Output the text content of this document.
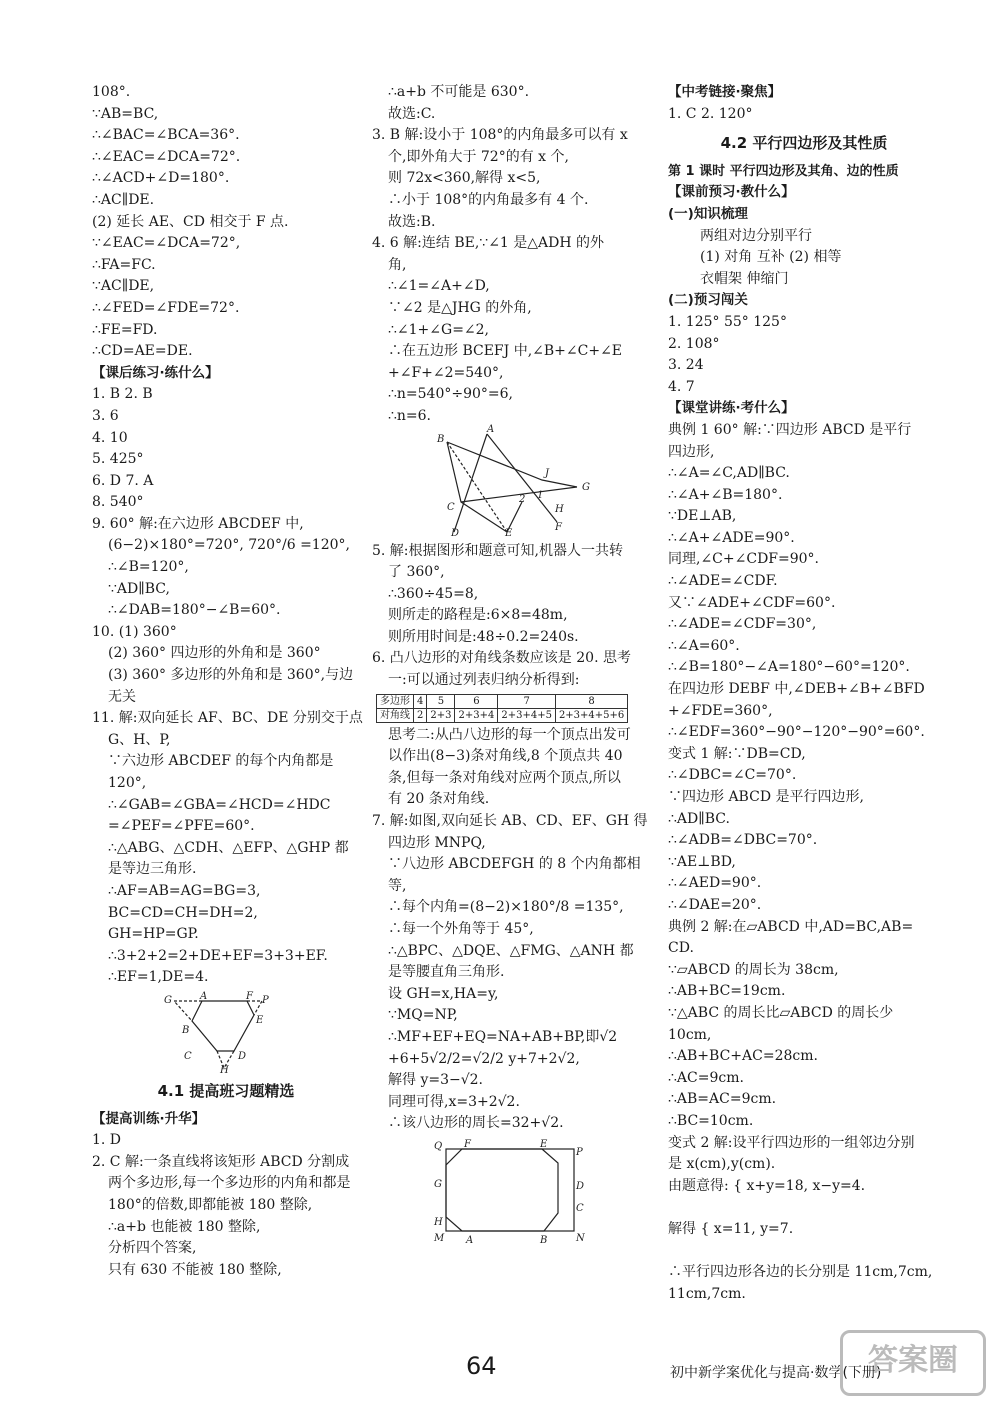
108°.
∵AB=BC,
∴∠BAC=∠BCA=36°.
∴∠EAC=∠DCA=72°.
∴∠ACD+∠D=180°.
∴AC∥DE.
(2) 延长 AE、CD 相交于 F 点.
∵∠EAC=∠DCA=72°,
∴FA=FC.
∵AC∥DE,
∴∠FED=∠FDE=72°.
∴FE=FD.
∴CD=AE=DE.
【课后练习·练什么】
1. B 2. B
3. 6
4. 10
5. 425°
6. D 7. A
8. 540°
9. 60° 解:在六边形 ABCDEF 中,
(6−2)×180°=720°, 720°/6 =120°,
∴∠B=120°,
∵AD∥BC,
∴∠DAB=180°−∠B=60°.
10. (1) 360°
(2) 360° 四边形的外角和是 360°
(3) 360° 多边形的外角和是 360°,与边
无关
11. 解:双向延长 AF、BC、DE 分别交于点
G、H、P,
∵六边形 ABCDEF 的每个内角都是
120°,
∴∠GAB=∠GBA=∠HCD=∠HDC
=∠PEF=∠PFE=60°.
∴△ABG、△CDH、△EFP、△GHP 都
是等边三角形.
∴AF=AB=AG=BG=3,
BC=CD=CH=DH=2,
GH=HP=GP.
∴3+2+2=2+DE+EF=3+3+EF.
∴EF=1,DE=4.
G	A	F P
B
E
C	D
H
4.1 提高班习题精选
【提高训练·升华】
1. D
2. C 解:一条直线将该矩形 ABCD 分割成
两个多边形,每一个多边形的内角和都是
180°的倍数,即都能被 180 整除,
∴a+b 也能被 180 整除,
分析四个答案,
只有 630 不能被 180 整除,
∴a+b 不可能是 630°.
故选:C.
3. B 解:设小于 108°的内角最多可以有 x
个,即外角大于 72°的有 x 个,
则 72x<360,解得 x<5,
∴小于 108°的内角最多有 4 个.
故选:B.
4. 6 解:连结 BE,∵∠1 是△ADH 的外
角,
∴∠1=∠A+∠D,
∵∠2 是△JHG 的外角,
∴∠1+∠G=∠2,
∴在五边形 BCEFJ 中,∠B+∠C+∠E
+∠F+∠2=540°,
∴n=540°÷90°=6,
∴n=6.
A
B
J
C
2 1
G
H
F
D	E
5. 解:根据图形和题意可知,机器人一共转
了 360°,
∴360÷45=8,
则所走的路程是:6×8=48m,
则所用时间是:48÷0.2=240s.
6. 凸八边形的对角线条数应该是 20. 思考
一:可以通过列表归纳分析得到:
多边形	4	5	6	7	8
对角线	2	2+3	2+3+4	2+3+4+5	2+3+4+5+6
思考二:从凸八边形的每一个顶点出发可
以作出(8−3)条对角线,8 个顶点共 40
条,但每一条对角线对应两个顶点,所以
有 20 条对角线.
7. 解:如图,双向延长 AB、CD、EF、GH 得
四边形 MNPQ,
∵八边形 ABCDEFGH 的 8 个内角都相
等,
∴每个内角=(8−2)×180°/8 =135°,
∴每一个外角等于 45°,
∴△BPC、△DQE、△FMG、△ANH 都
是等腰直角三角形.
设 GH=x,HA=y,
∵MQ=NP,
∴MF+EF+EQ=NA+AB+BP,即√2
+6+5√2/2=√2/2 y+7+2√2,
解得 y=3−√2.
同理可得,x=3+2√2.
∴该八边形的周长=32+√2.
Q F	E
P
G	D
C
H
M A	B	N
【中考链接·聚焦】
1. C 2. 120°
4.2 平行四边形及其性质
第 1 课时 平行四边形及其角、边的性质
【课前预习·教什么】
(一)知识梳理
两组对边分别平行
(1) 对角 互补 (2) 相等
衣帽架 伸缩门
(二)预习闯关
1. 125° 55° 125°
2. 108°
3. 24
4. 7
【课堂讲练·考什么】
典例 1 60° 解:∵四边形 ABCD 是平行
四边形,
∴∠A=∠C,AD∥BC.
∴∠A+∠B=180°.
∵DE⊥AB,
∴∠A+∠ADE=90°.
同理,∠C+∠CDF=90°.
∴∠ADE=∠CDF.
又∵∠ADE+∠CDF=60°.
∴∠ADE=∠CDF=30°,
∴∠A=60°.
∴∠B=180°−∠A=180°−60°=120°.
在四边形 DEBF 中,∠DEB+∠B+∠BFD
+∠FDE=360°,
∴∠EDF=360°−90°−120°−90°=60°.
变式 1 解:∵DB=CD,
∴∠DBC=∠C=70°.
∵四边形 ABCD 是平行四边形,
∴AD∥BC.
∴∠ADB=∠DBC=70°.
∵AE⊥BD,
∴∠AED=90°.
∴∠DAE=20°.
典例 2 解:在▱ABCD 中,AD=BC,AB=
CD.
∵▱ABCD 的周长为 38cm,
∴AB+BC=19cm.
∵△ABC 的周长比▱ABCD 的周长少
10cm,
∴AB+BC+AC=28cm.
∴AC=9cm.
∴AB=AC=9cm.
∴BC=10cm.
变式 2 解:设平行四边形的一组邻边分别
是 x(cm),y(cm).
由题意得: { x+y=18, x−y=4.

解得 { x=11, y=7.

∴平行四边形各边的长分别是 11cm,7cm,
11cm,7cm.
64	初中新学案优化与提高·数学(下册)
答案圈
